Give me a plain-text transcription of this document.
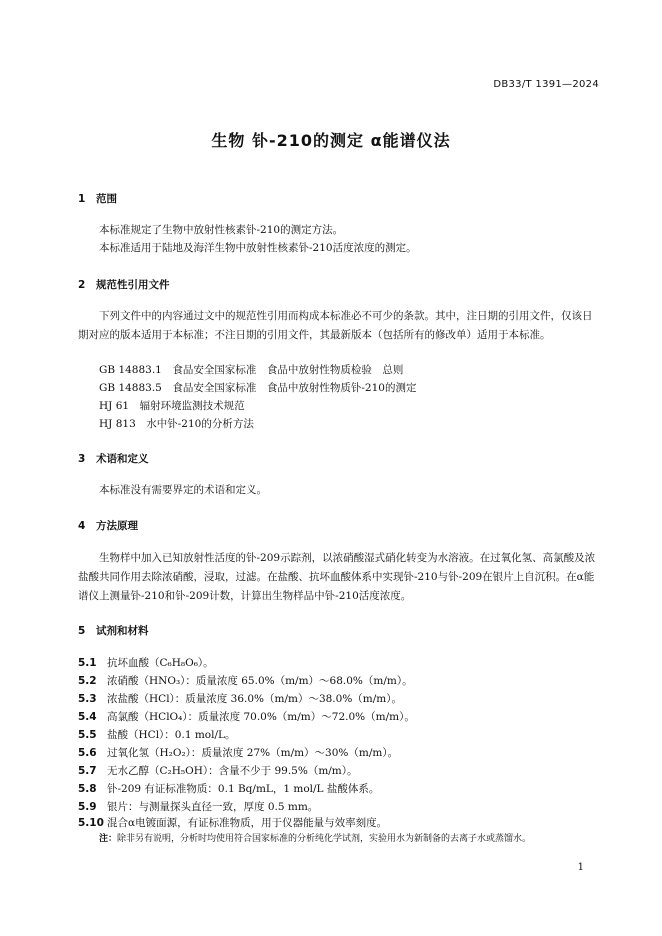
DB33/T 1391—2024
生物 钋-210的测定 α能谱仪法
1 范围
本标准规定了生物中放射性核素钋-210的测定方法。
本标准适用于陆地及海洋生物中放射性核素钋-210活度浓度的测定。
2 规范性引用文件
下列文件中的内容通过文中的规范性引用而构成本标准必不可少的条款。其中，注日期的引用文件，仅该日期对应的版本适用于本标准；不注日期的引用文件，其最新版本（包括所有的修改单）适用于本标准。
GB 14883.1　食品安全国家标准　食品中放射性物质检验　总则
GB 14883.5　食品安全国家标准　食品中放射性物质钋-210的测定
HJ 61　辐射环境监测技术规范
HJ 813　水中钋-210的分析方法
3 术语和定义
本标准没有需要界定的术语和定义。
4 方法原理
生物样中加入已知放射性活度的钋-209示踪剂，以浓硝酸湿式硝化转变为水溶液。在过氧化氢、高氯酸及浓盐酸共同作用去除浓硝酸，浸取，过滤。在盐酸、抗坏血酸体系中实现钋-210与钋-209在银片上自沉积。在α能谱仪上测量钋-210和钋-209计数，计算出生物样品中钋-210活度浓度。
5 试剂和材料
5.1 抗坏血酸（C₆H₈O₆）。
5.2 浓硝酸（HNO₃）：质量浓度 65.0%（m/m）～68.0%（m/m）。
5.3 浓盐酸（HCl）：质量浓度 36.0%（m/m）～38.0%（m/m）。
5.4 高氯酸（HClO₄）：质量浓度 70.0%（m/m）～72.0%（m/m）。
5.5 盐酸（HCl）：0.1 mol/L。
5.6 过氧化氢（H₂O₂）：质量浓度 27%（m/m）～30%（m/m）。
5.7 无水乙醇（C₂H₅OH）：含量不少于 99.5%（m/m）。
5.8 钋-209 有证标准物质：0.1 Bq/mL，1 mol/L 盐酸体系。
5.9 银片：与测量探头直径一致，厚度 0.5 mm。
5.10 混合α电镀面源，有证标准物质，用于仪器能量与效率刻度。
注：除非另有说明，分析时均使用符合国家标准的分析纯化学试剂，实验用水为新制备的去离子水或蒸馏水。
1
